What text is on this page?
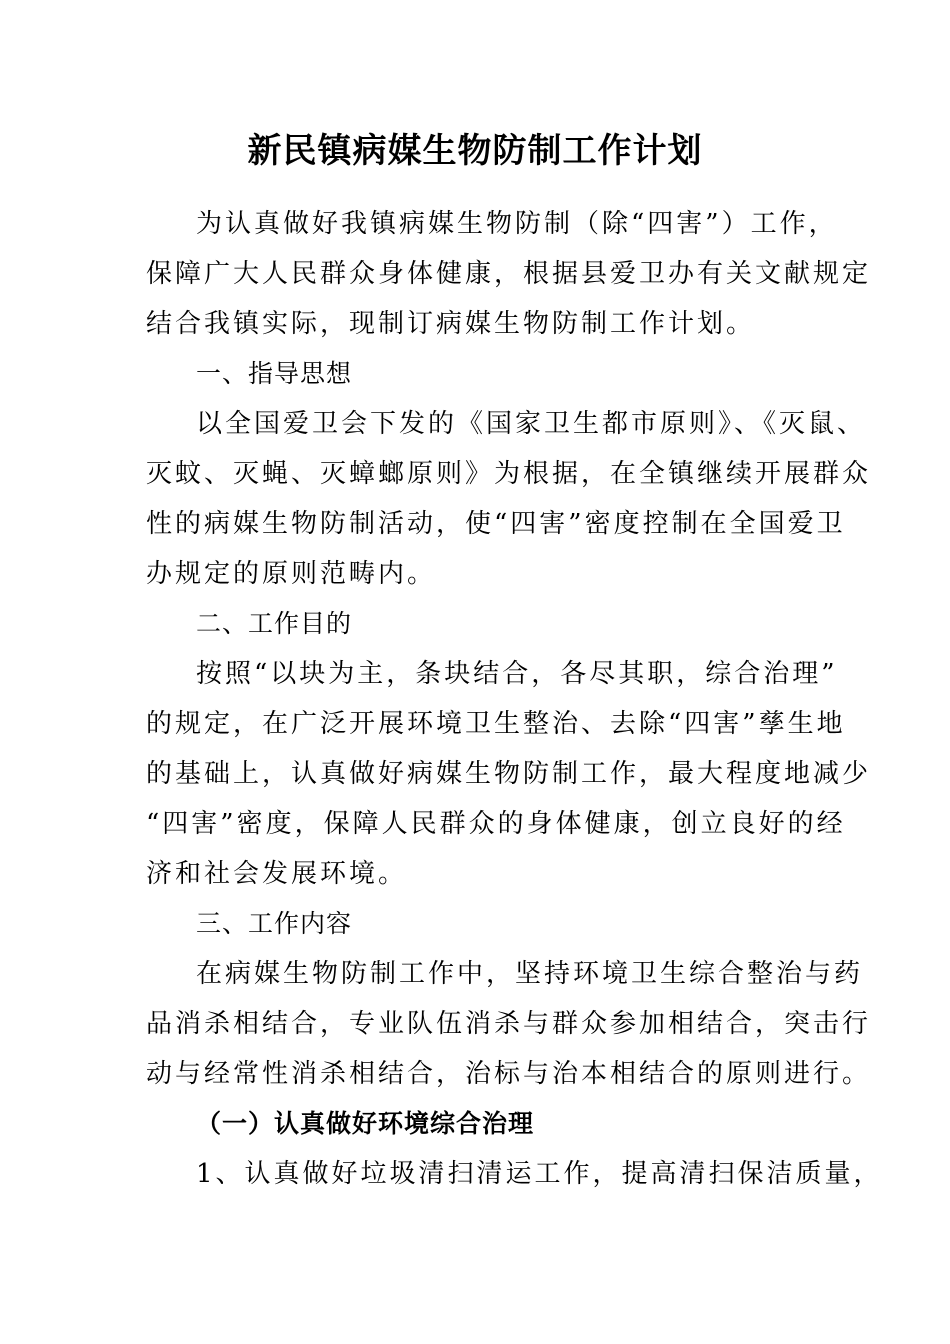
新民镇病媒生物防制工作计划
为认真做好我镇病媒生物防制（除“四害”）工作，
保障广大人民群众身体健康，根据县爱卫办有关文献规定
结合我镇实际，现制订病媒生物防制工作计划。
一、指导思想
以全国爱卫会下发的《国家卫生都市原则》、《灭鼠、
灭蚊、灭蝇、灭蟑螂原则》为根据，在全镇继续开展群众
性的病媒生物防制活动，使“四害”密度控制在全国爱卫
办规定的原则范畴内。
二、工作目的
按照“以块为主，条块结合，各尽其职，综合治理”
的规定，在广泛开展环境卫生整治、去除“四害”孳生地
的基础上，认真做好病媒生物防制工作，最大程度地减少
“四害”密度，保障人民群众的身体健康，创立良好的经
济和社会发展环境。
三、工作内容
在病媒生物防制工作中，坚持环境卫生综合整治与药
品消杀相结合，专业队伍消杀与群众参加相结合，突击行
动与经常性消杀相结合，治标与治本相结合的原则进行。
（一）认真做好环境综合治理
1、认真做好垃圾清扫清运工作，提高清扫保洁质量，
